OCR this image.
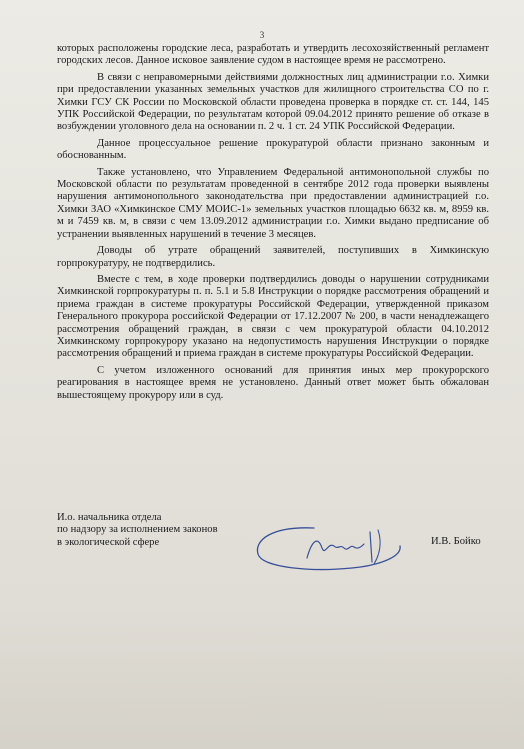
3

которых расположены городские леса, разработать и утвердить лесохозяйственный регламент городских лесов. Данное исковое заявление судом в настоящее время не рассмотрено.

В связи с неправомерными действиями должностных лиц администрации г.о. Химки при предоставлении указанных земельных участков для жилищного строительства СО по г. Химки ГСУ СК России по Московской области проведена проверка в порядке ст. ст. 144, 145 УПК Российской Федерации, по результатам которой 09.04.2012 принято решение об отказе в возбуждении уголовного дела на основании п. 2 ч. 1 ст. 24 УПК Российской Федерации.

Данное процессуальное решение прокуратурой области признано законным и обоснованным.

Также установлено, что Управлением Федеральной антимонопольной службы по Московской области по результатам проведенной в сентябре 2012 года проверки выявлены нарушения антимонопольного законодательства при предоставлении администрацией г.о. Химки ЗАО «Химкинское СМУ МОИС-1» земельных участков площадью 6632 кв. м, 8959 кв. м и 7459 кв. м, в связи с чем 13.09.2012 администрации г.о. Химки выдано предписание об устранении выявленных нарушений в течение 3 месяцев.

Доводы об утрате обращений заявителей, поступивших в Химкинскую горпрокуратуру, не подтвердились.

Вместе с тем, в ходе проверки подтвердились доводы о нарушении сотрудниками Химкинской горпрокуратуры п. п. 5.1 и 5.8 Инструкции о порядке рассмотрения обращений и приема граждан в системе прокуратуры Российской Федерации, утвержденной приказом Генерального прокурора российской Федерации от 17.12.2007 № 200, в части ненадлежащего рассмотрения обращений граждан, в связи с чем прокуратурой области 04.10.2012 Химкинскому горпрокурору указано на недопустимость нарушения Инструкции о порядке рассмотрения обращений и приема граждан в системе прокуратуры Российской Федерации.

С учетом изложенного оснований для принятия иных мер прокурорского реагирования в настоящее время не установлено. Данный ответ может быть обжалован вышестоящему прокурору или в суд.

И.о. начальника отдела
по надзору за исполнением законов
в экологической сфере	И.В. Бойко
